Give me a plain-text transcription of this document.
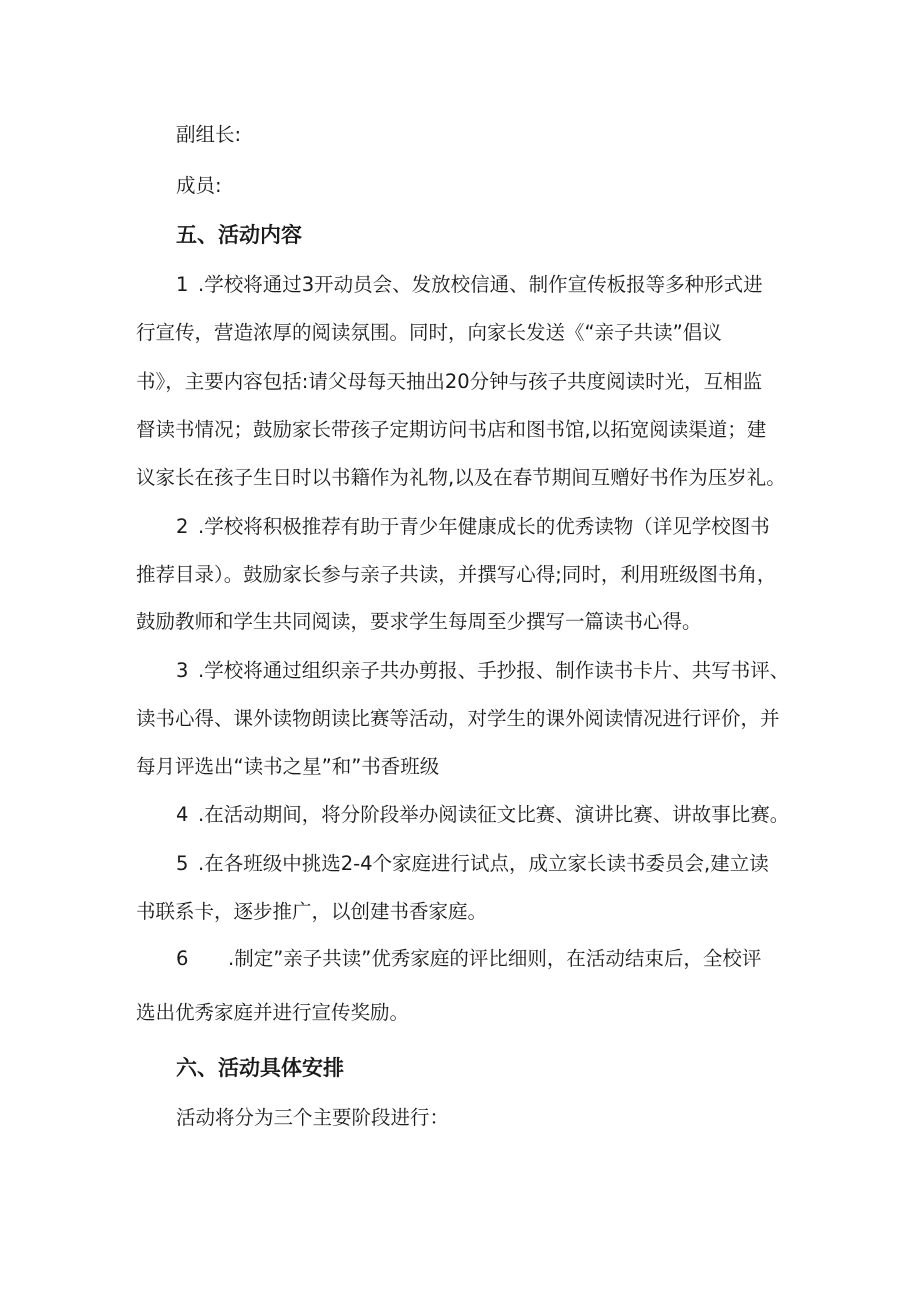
副组长:

成员:

五、活动内容

1 .学校将通过3开动员会、发放校信通、制作宣传板报等多种形式进

行宣传，营造浓厚的阅读氛围。同时，向家长发送《“亲子共读”倡议

书》，主要内容包括:请父母每天抽出20分钟与孩子共度阅读时光，互相监

督读书情况；鼓励家长带孩子定期访问书店和图书馆,以拓宽阅读渠道；建

议家长在孩子生日时以书籍作为礼物,以及在春节期间互赠好书作为压岁礼。

2 .学校将积极推荐有助于青少年健康成长的优秀读物（详见学校图书

推荐目录）。鼓励家长参与亲子共读，并撰写心得;同时，利用班级图书角，

鼓励教师和学生共同阅读，要求学生每周至少撰写一篇读书心得。

3 .学校将通过组织亲子共办剪报、手抄报、制作读书卡片、共写书评、

读书心得、课外读物朗读比赛等活动，对学生的课外阅读情况进行评价，并

每月评选出“读书之星”和”书香班级

4 .在活动期间，将分阶段举办阅读征文比赛、演讲比赛、讲故事比赛。

5 .在各班级中挑选2-4个家庭进行试点，成立家长读书委员会,建立读

书联系卡，逐步推广，以创建书香家庭。

6 .制定”亲子共读”优秀家庭的评比细则，在活动结束后，全校评

选出优秀家庭并进行宣传奖励。

六、活动具体安排

活动将分为三个主要阶段进行：
